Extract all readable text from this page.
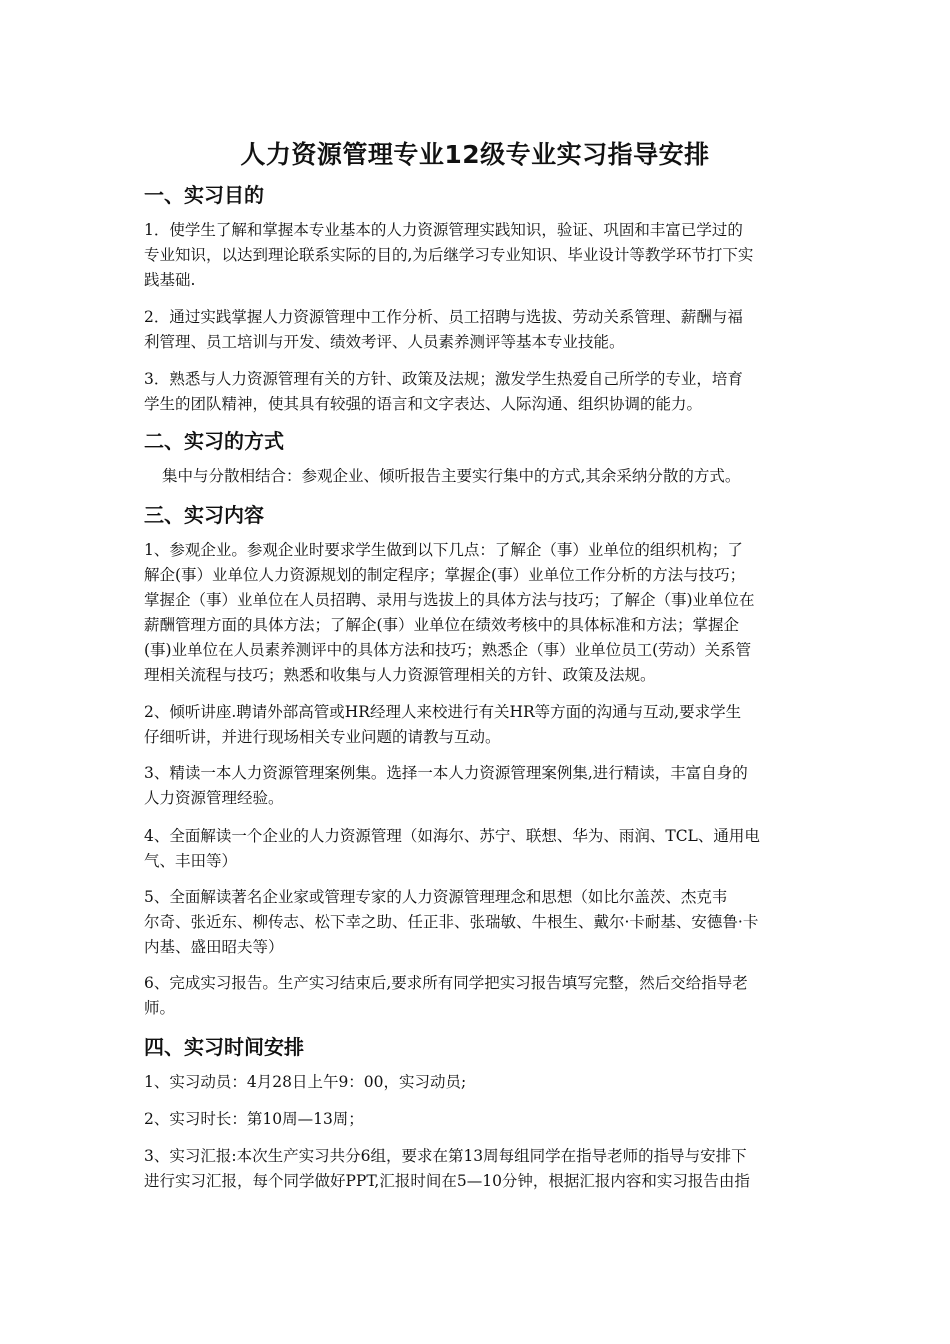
人力资源管理专业12级专业实习指导安排
一、实习目的
1．使学生了解和掌握本专业基本的人力资源管理实践知识，验证、巩固和丰富已学过的
专业知识，以达到理论联系实际的目的,为后继学习专业知识、毕业设计等教学环节打下实
践基础.
2．通过实践掌握人力资源管理中工作分析、员工招聘与选拔、劳动关系管理、薪酬与福
利管理、员工培训与开发、绩效考评、人员素养测评等基本专业技能。
3．熟悉与人力资源管理有关的方针、政策及法规；激发学生热爱自己所学的专业，培育
学生的团队精神，使其具有较强的语言和文字表达、人际沟通、组织协调的能力。
二、实习的方式
集中与分散相结合：参观企业、倾听报告主要实行集中的方式,其余采纳分散的方式。
三、实习内容
1、参观企业。参观企业时要求学生做到以下几点：了解企（事）业单位的组织机构；了
解企(事）业单位人力资源规划的制定程序；掌握企(事）业单位工作分析的方法与技巧；
掌握企（事）业单位在人员招聘、录用与选拔上的具体方法与技巧；了解企（事)业单位在
薪酬管理方面的具体方法；了解企(事）业单位在绩效考核中的具体标准和方法；掌握企
(事)业单位在人员素养测评中的具体方法和技巧；熟悉企（事）业单位员工(劳动）关系管
理相关流程与技巧；熟悉和收集与人力资源管理相关的方针、政策及法规。
2、倾听讲座.聘请外部高管或HR经理人来校进行有关HR等方面的沟通与互动,要求学生
仔细听讲，并进行现场相关专业问题的请教与互动。
3、精读一本人力资源管理案例集。选择一本人力资源管理案例集,进行精读，丰富自身的
人力资源管理经验。
4、全面解读一个企业的人力资源管理（如海尔、苏宁、联想、华为、雨润、TCL、通用电
气、丰田等）
5、全面解读著名企业家或管理专家的人力资源管理理念和思想（如比尔盖茨、杰克韦
尔奇、张近东、柳传志、松下幸之助、任正非、张瑞敏、牛根生、戴尔·卡耐基、安德鲁·卡
内基、盛田昭夫等）
6、完成实习报告。生产实习结束后,要求所有同学把实习报告填写完整，然后交给指导老
师。
四、实习时间安排
1、实习动员：4月28日上午9：00，实习动员;
2、实习时长：第10周—13周；
3、实习汇报:本次生产实习共分6组，要求在第13周每组同学在指导老师的指导与安排下
进行实习汇报，每个同学做好PPT,汇报时间在5—10分钟，根据汇报内容和实习报告由指
